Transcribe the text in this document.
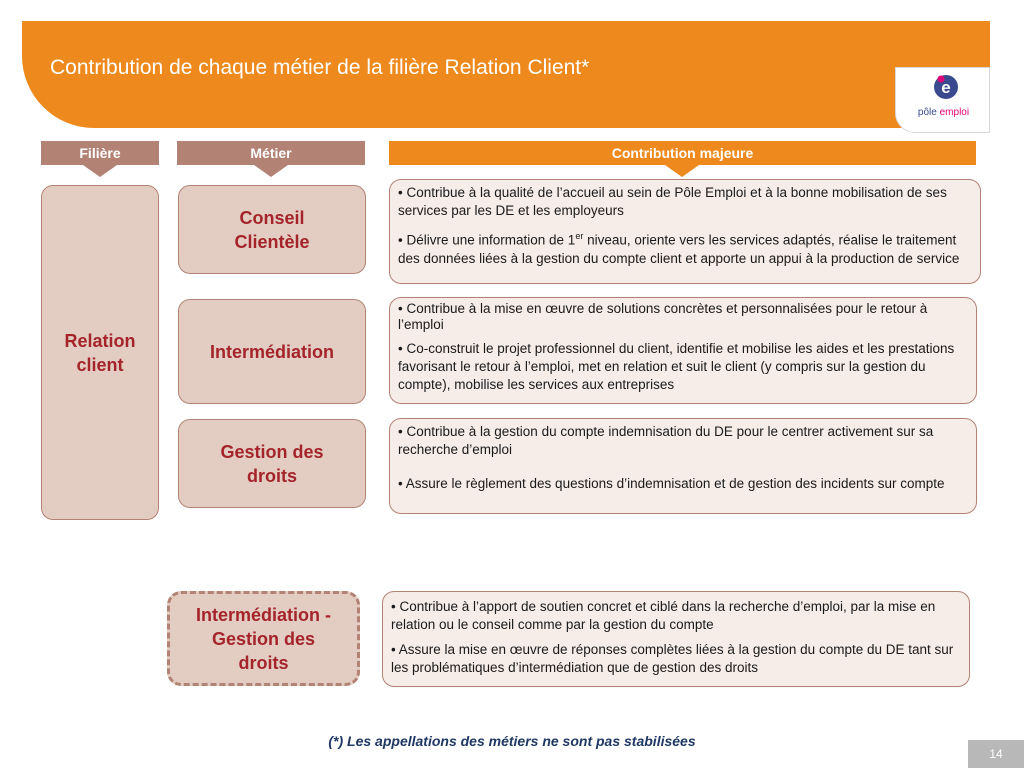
Contribution de chaque métier de la filière Relation Client*
e
pôle emploi
Filière	Métier	Contribution majeure
Relation
client
Conseil
Clientèle

• Contribue à la qualité de l’accueil au sein de Pôle Emploi et à la bonne mobilisation de ses services par les DE et les employeurs

• Délivre une information de 1er niveau, oriente vers les services adaptés, réalise le traitement des données liées à la gestion du compte client et apporte un appui à la production de service

Intermédiation

• Contribue à la mise en œuvre de solutions concrètes et personnalisées pour le retour à l’emploi

• Co-construit le projet professionnel du client, identifie et mobilise les aides et les prestations favorisant le retour à l’emploi, met en relation et suit le client (y compris sur la gestion du compte), mobilise les services aux entreprises

Gestion des
droits

• Contribue à la gestion du compte indemnisation du DE pour le centrer activement sur sa recherche d’emploi

• Assure le règlement des questions d’indemnisation et de gestion des incidents sur compte

Intermédiation -
Gestion des
droits

• Contribue à l’apport de soutien concret et ciblé dans la recherche d’emploi, par la mise en relation ou le conseil comme par la gestion du compte

• Assure la mise en œuvre de réponses complètes liées à la gestion du compte du DE tant sur les problématiques d’intermédiation que de gestion des droits

(*) Les appellations des métiers ne sont pas stabilisées
14
